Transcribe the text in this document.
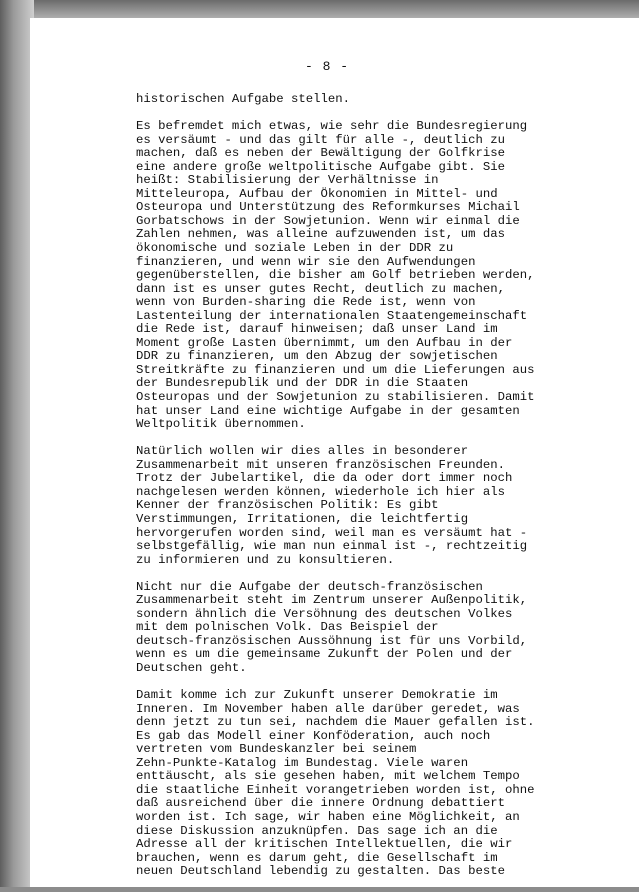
- 8 -

historischen Aufgabe stellen.

Es befremdet mich etwas, wie sehr die Bundesregierung
es versäumt - und das gilt für alle -, deutlich zu
machen, daß es neben der Bewältigung der Golfkrise
eine andere große weltpolitische Aufgabe gibt. Sie
heißt: Stabilisierung der Verhältnisse in
Mitteleuropa, Aufbau der Ökonomien in Mittel- und
Osteuropa und Unterstützung des Reformkurses Michail
Gorbatschows in der Sowjetunion. Wenn wir einmal die
Zahlen nehmen, was alleine aufzuwenden ist, um das
ökonomische und soziale Leben in der DDR zu
finanzieren, und wenn wir sie den Aufwendungen
gegenüberstellen, die bisher am Golf betrieben werden,
dann ist es unser gutes Recht, deutlich zu machen,
wenn von Burden-sharing die Rede ist, wenn von
Lastenteilung der internationalen Staatengemeinschaft
die Rede ist, darauf hinweisen; daß unser Land im
Moment große Lasten übernimmt, um den Aufbau in der
DDR zu finanzieren, um den Abzug der sowjetischen
Streitkräfte zu finanzieren und um die Lieferungen aus
der Bundesrepublik und der DDR in die Staaten
Osteuropas und der Sowjetunion zu stabilisieren. Damit
hat unser Land eine wichtige Aufgabe in der gesamten
Weltpolitik übernommen.

Natürlich wollen wir dies alles in besonderer
Zusammenarbeit mit unseren französischen Freunden.
Trotz der Jubelartikel, die da oder dort immer noch
nachgelesen werden können, wiederhole ich hier als
Kenner der französischen Politik: Es gibt
Verstimmungen, Irritationen, die leichtfertig
hervorgerufen worden sind, weil man es versäumt hat -
selbstgefällig, wie man nun einmal ist -, rechtzeitig
zu informieren und zu konsultieren.

Nicht nur die Aufgabe der deutsch-französischen
Zusammenarbeit steht im Zentrum unserer Außenpolitik,
sondern ähnlich die Versöhnung des deutschen Volkes
mit dem polnischen Volk. Das Beispiel der
deutsch-französischen Aussöhnung ist für uns Vorbild,
wenn es um die gemeinsame Zukunft der Polen und der
Deutschen geht.

Damit komme ich zur Zukunft unserer Demokratie im
Inneren. Im November haben alle darüber geredet, was
denn jetzt zu tun sei, nachdem die Mauer gefallen ist.
Es gab das Modell einer Konföderation, auch noch
vertreten vom Bundeskanzler bei seinem
Zehn-Punkte-Katalog im Bundestag. Viele waren
enttäuscht, als sie gesehen haben, mit welchem Tempo
die staatliche Einheit vorangetrieben worden ist, ohne
daß ausreichend über die innere Ordnung debattiert
worden ist. Ich sage, wir haben eine Möglichkeit, an
diese Diskussion anzuknüpfen. Das sage ich an die
Adresse all der kritischen Intellektuellen, die wir
brauchen, wenn es darum geht, die Gesellschaft im
neuen Deutschland lebendig zu gestalten. Das beste
